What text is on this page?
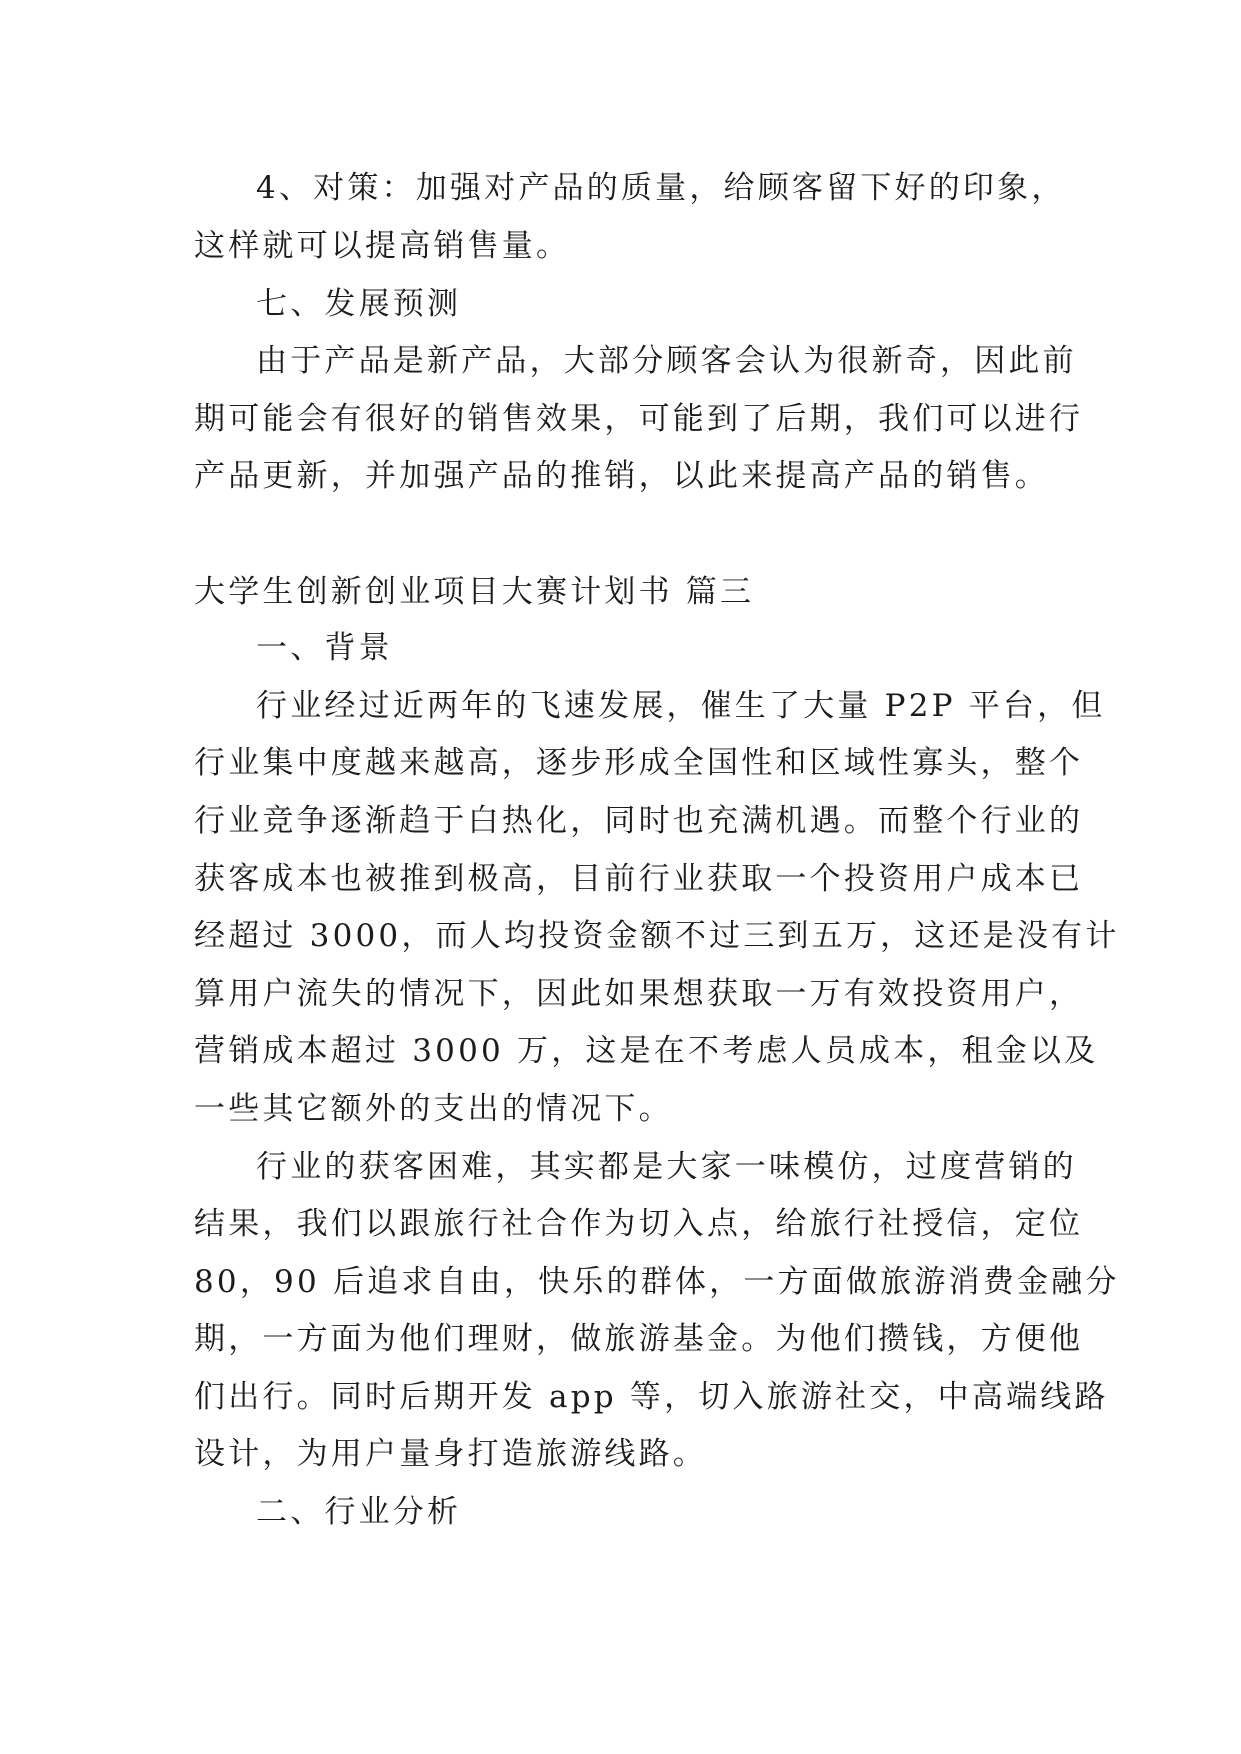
4、对策：加强对产品的质量，给顾客留下好的印象，
这样就可以提高销售量。
七、发展预测
由于产品是新产品，大部分顾客会认为很新奇，因此前
期可能会有很好的销售效果，可能到了后期，我们可以进行
产品更新，并加强产品的推销，以此来提高产品的销售。
大学生创新创业项目大赛计划书 篇三
一、背景
行业经过近两年的飞速发展，催生了大量 P2P 平台，但
行业集中度越来越高，逐步形成全国性和区域性寡头，整个
行业竞争逐渐趋于白热化，同时也充满机遇。而整个行业的
获客成本也被推到极高，目前行业获取一个投资用户成本已
经超过 3000，而人均投资金额不过三到五万，这还是没有计
算用户流失的情况下，因此如果想获取一万有效投资用户，
营销成本超过 3000 万，这是在不考虑人员成本，租金以及
一些其它额外的支出的情况下。
行业的获客困难，其实都是大家一味模仿，过度营销的
结果，我们以跟旅行社合作为切入点，给旅行社授信，定位
80，90 后追求自由，快乐的群体，一方面做旅游消费金融分
期，一方面为他们理财，做旅游基金。为他们攒钱，方便他
们出行。同时后期开发 app 等，切入旅游社交，中高端线路
设计，为用户量身打造旅游线路。
二、行业分析
